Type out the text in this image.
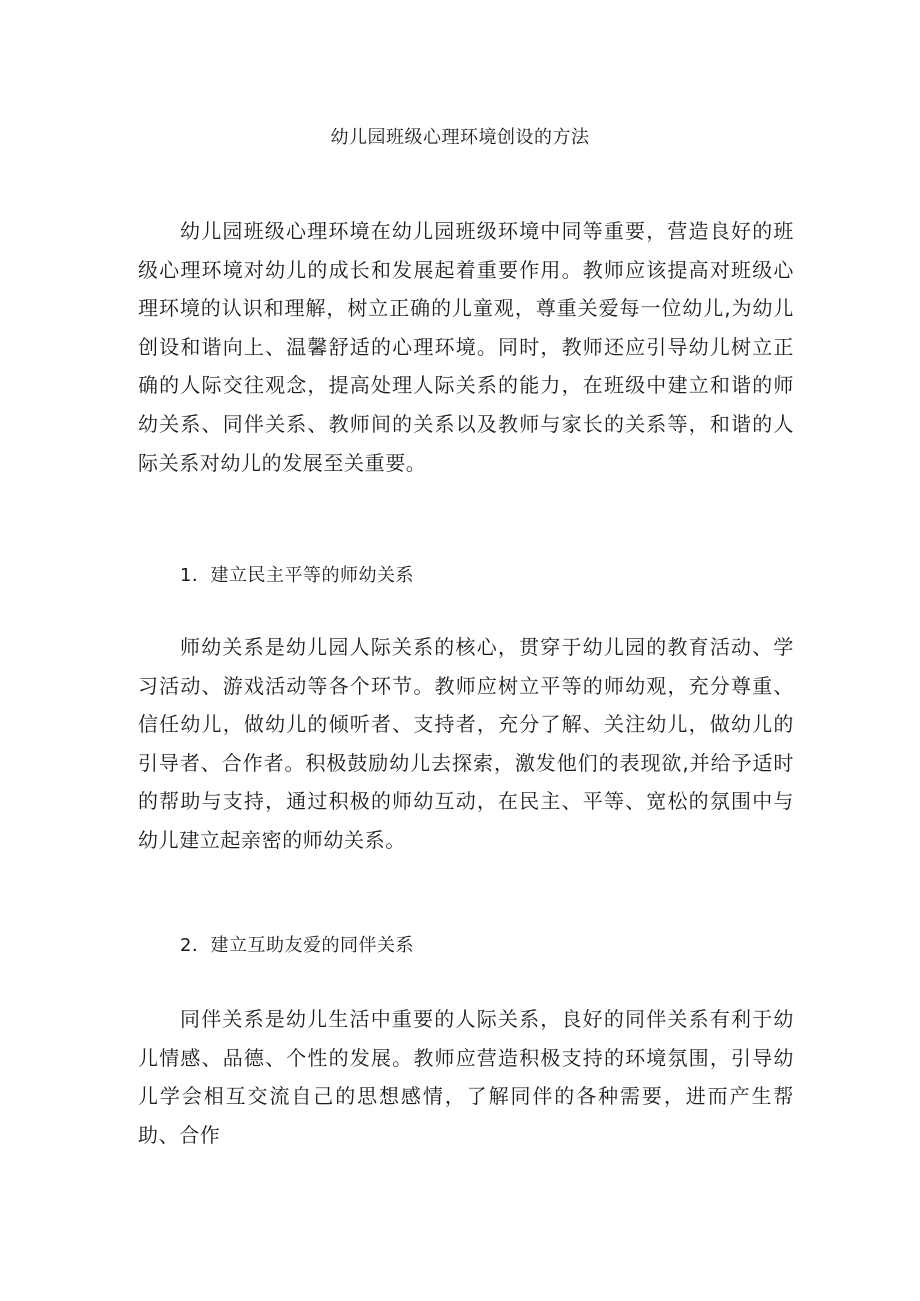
幼儿园班级心理环境创设的方法

幼儿园班级心理环境在幼儿园班级环境中同等重要，营造良好的班级心理环境对幼儿的成长和发展起着重要作用。教师应该提高对班级心理环境的认识和理解，树立正确的儿童观，尊重关爱每一位幼儿,为幼儿创设和谐向上、温馨舒适的心理环境。同时，教师还应引导幼儿树立正确的人际交往观念，提高处理人际关系的能力，在班级中建立和谐的师幼关系、同伴关系、教师间的关系以及教师与家长的关系等，和谐的人际关系对幼儿的发展至关重要。

1．建立民主平等的师幼关系

师幼关系是幼儿园人际关系的核心，贯穿于幼儿园的教育活动、学习活动、游戏活动等各个环节。教师应树立平等的师幼观，充分尊重、信任幼儿，做幼儿的倾听者、支持者，充分了解、关注幼儿，做幼儿的引导者、合作者。积极鼓励幼儿去探索，激发他们的表现欲,并给予适时的帮助与支持，通过积极的师幼互动，在民主、平等、宽松的氛围中与幼儿建立起亲密的师幼关系。

2．建立互助友爱的同伴关系

同伴关系是幼儿生活中重要的人际关系，良好的同伴关系有利于幼儿情感、品德、个性的发展。教师应营造积极支持的环境氛围，引导幼儿学会相互交流自己的思想感情，了解同伴的各种需要，进而产生帮助、合作
